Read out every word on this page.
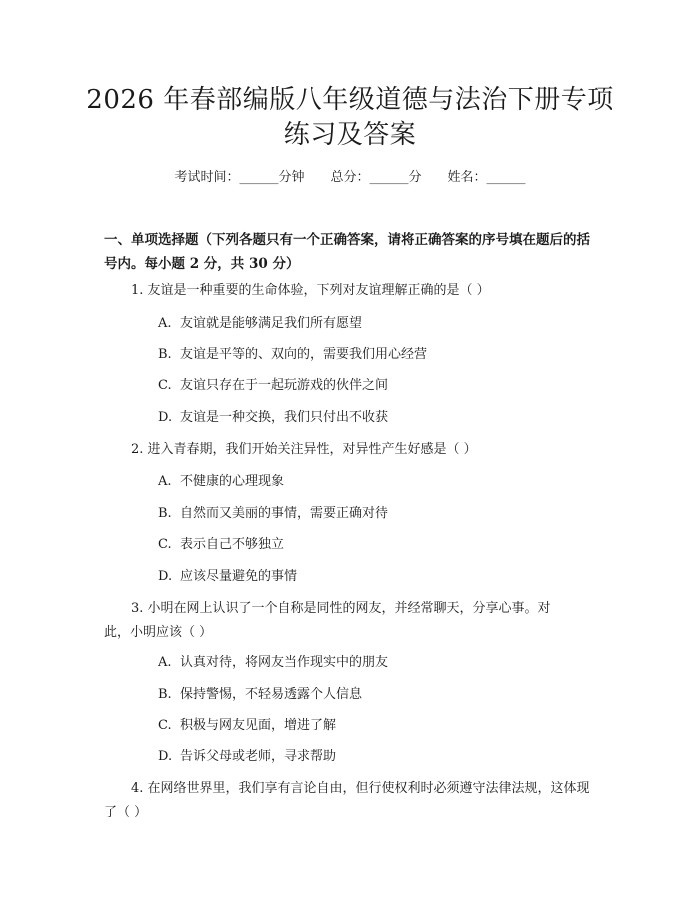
2026 年春部编版八年级道德与法治下册专项
练习及答案
考试时间：______分钟 总分：______分 姓名：______
一、单项选择题（下列各题只有一个正确答案，请将正确答案的序号填在题后的括号内。每小题 2 分，共 30 分）
1. 友谊是一种重要的生命体验，下列对友谊理解正确的是（ ）
A. 友谊就是能够满足我们所有愿望
B. 友谊是平等的、双向的，需要我们用心经营
C. 友谊只存在于一起玩游戏的伙伴之间
D. 友谊是一种交换，我们只付出不收获
2. 进入青春期，我们开始关注异性，对异性产生好感是（ ）
A. 不健康的心理现象
B. 自然而又美丽的事情，需要正确对待
C. 表示自己不够独立
D. 应该尽量避免的事情
3. 小明在网上认识了一个自称是同性的网友，并经常聊天，分享心事。对此，小明应该（ ）
A. 认真对待，将网友当作现实中的朋友
B. 保持警惕，不轻易透露个人信息
C. 积极与网友见面，增进了解
D. 告诉父母或老师，寻求帮助
4. 在网络世界里，我们享有言论自由，但行使权利时必须遵守法律法规，这体现了（ ）
